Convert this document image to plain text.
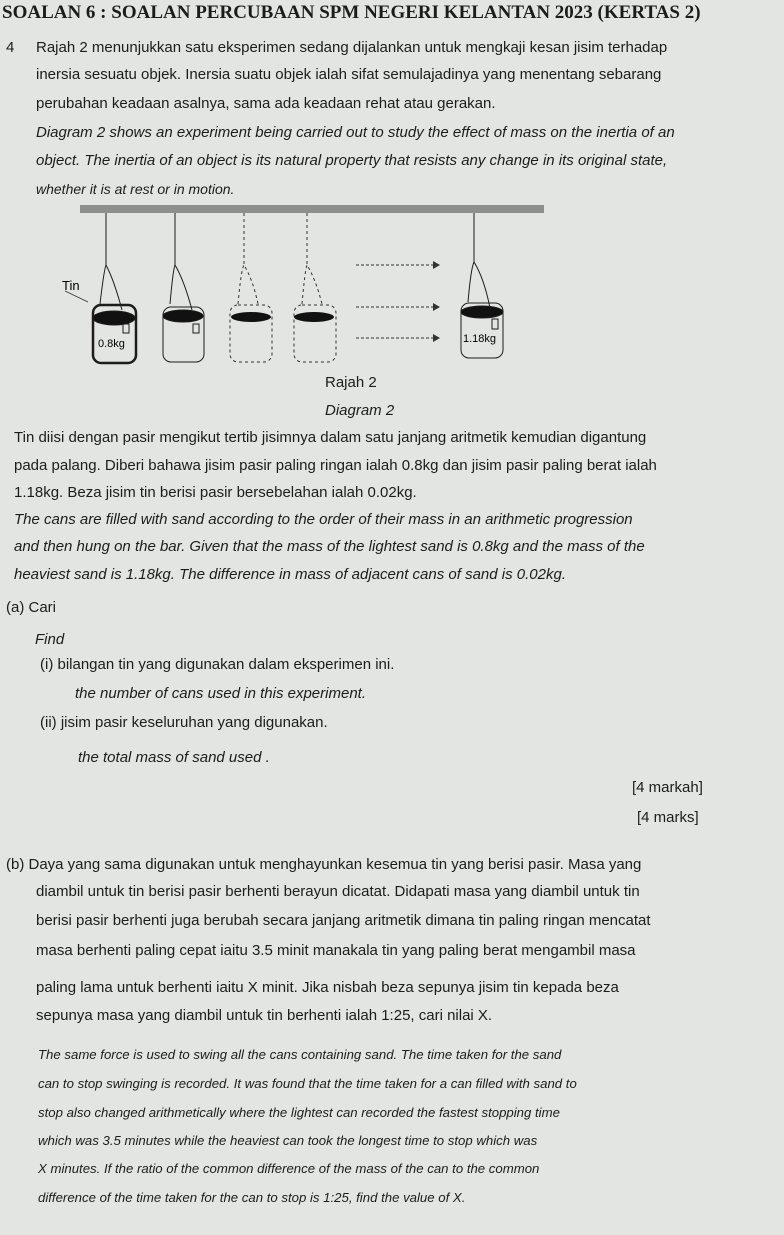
SOALAN 6 : SOALAN PERCUBAAN SPM NEGERI KELANTAN 2023 (KERTAS 2)
4 Rajah 2 menunjukkan satu eksperimen sedang dijalankan untuk mengkaji kesan jisim terhadap
inersia sesuatu objek. Inersia suatu objek ialah sifat semulajadinya yang menentang sebarang
perubahan keadaan asalnya, sama ada keadaan rehat atau gerakan.
Diagram 2 shows an experiment being carried out to study the effect of mass on the inertia of an
object. The inertia of an object is its natural property that resists any change in its original state,
whether it is at rest or in motion.
Tin
0.8kg	1.18kg
Rajah 2
Diagram 2
Tin diisi dengan pasir mengikut tertib jisimnya dalam satu janjang aritmetik kemudian digantung
pada palang. Diberi bahawa jisim pasir paling ringan ialah 0.8kg dan jisim pasir paling berat ialah
1.18kg. Beza jisim tin berisi pasir bersebelahan ialah 0.02kg.
The cans are filled with sand according to the order of their mass in an arithmetic progression
and then hung on the bar. Given that the mass of the lightest sand is 0.8kg and the mass of the
heaviest sand is 1.18kg. The difference in mass of adjacent cans of sand is 0.02kg.
(a) Cari
Find
(i) bilangan tin yang digunakan dalam eksperimen ini.
the number of cans used in this experiment.
(ii) jisim pasir keseluruhan yang digunakan.
the total mass of sand used .
[4 markah]
[4 marks]
(b) Daya yang sama digunakan untuk menghayunkan kesemua tin yang berisi pasir. Masa yang
diambil untuk tin berisi pasir berhenti berayun dicatat. Didapati masa yang diambil untuk tin
berisi pasir berhenti juga berubah secara janjang aritmetik dimana tin paling ringan mencatat
masa berhenti paling cepat iaitu 3.5 minit manakala tin yang paling berat mengambil masa
paling lama untuk berhenti iaitu X minit. Jika nisbah beza sepunya jisim tin kepada beza
sepunya masa yang diambil untuk tin berhenti ialah 1:25, cari nilai X.
The same force is used to swing all the cans containing sand. The time taken for the sand
can to stop swinging is recorded. It was found that the time taken for a can filled with sand to
stop also changed arithmetically where the lightest can recorded the fastest stopping time
which was 3.5 minutes while the heaviest can took the longest time to stop which was
X minutes. If the ratio of the common difference of the mass of the can to the common
difference of the time taken for the can to stop is 1:25, find the value of X.
